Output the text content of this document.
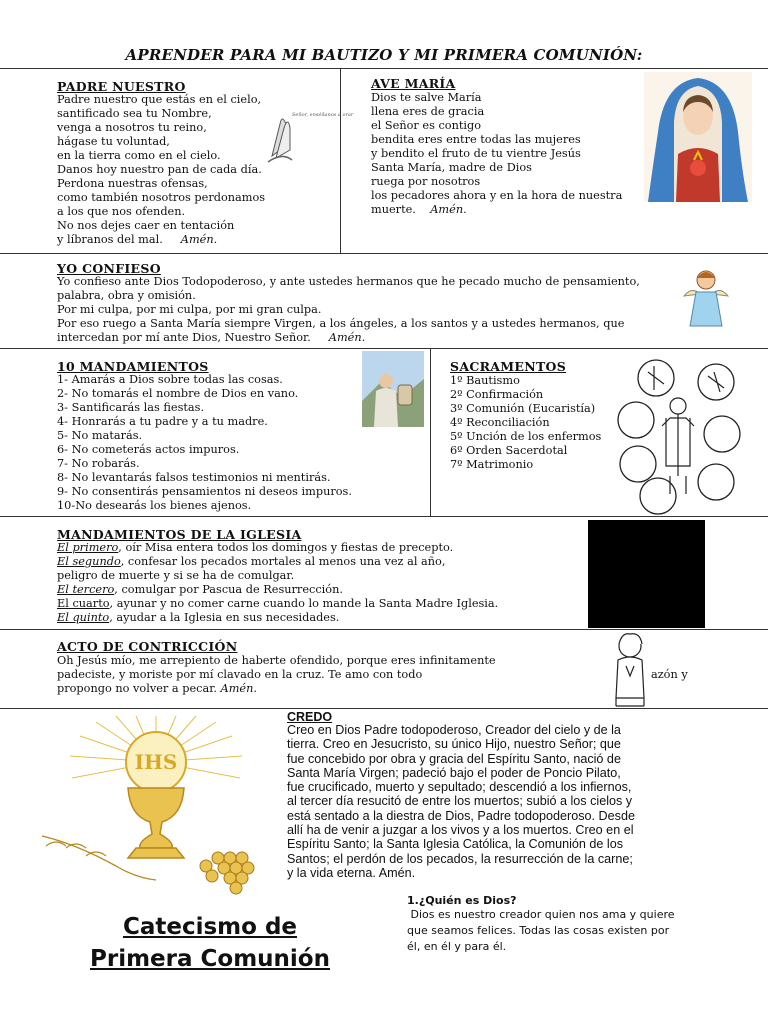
APRENDER PARA MI BAUTIZO Y MI PRIMERA COMUNIÓN:
PADRE NUESTRO
Padre nuestro que estás en el cielo,
santificado sea tu Nombre,
venga a nosotros tu reino,
hágase tu voluntad,
en la tierra como en el cielo.
Danos hoy nuestro pan de cada día.
Perdona nuestras ofensas,
como también nosotros perdonamos
a los que nos ofenden.
No nos dejes caer en tentación
y líbranos del mal. Amén.
Señor, enséñanos a orar
AVE MARÍA
Dios te salve María
llena eres de gracia
el Señor es contigo
bendita eres entre todas las mujeres
y bendito el fruto de tu vientre Jesús
Santa María, madre de Dios
ruega por nosotros
los pecadores ahora y en la hora de nuestra
muerte. Amén.
YO CONFIESO
Yo confieso ante Dios Todopoderoso, y ante ustedes hermanos que he pecado mucho de pensamiento,
palabra, obra y omisión.
Por mi culpa, por mi culpa, por mi gran culpa.
Por eso ruego a Santa María siempre Virgen, a los ángeles, a los santos y a ustedes hermanos, que
intercedan por mí ante Dios, Nuestro Señor. Amén.
10 MANDAMIENTOS
1- Amarás a Dios sobre todas las cosas.
2- No tomarás el nombre de Dios en vano.
3- Santificarás las fiestas.
4- Honrarás a tu padre y a tu madre.
5- No matarás.
6- No cometerás actos impuros.
7- No robarás.
8- No levantarás falsos testimonios ni mentirás.
9- No consentirás pensamientos ni deseos impuros.
10-No desearás los bienes ajenos.
SACRAMENTOS
1º Bautismo
2º Confirmación
3º Comunión (Eucaristía)
4º Reconciliación
5º Unción de los enfermos
6º Orden Sacerdotal
7º Matrimonio
MANDAMIENTOS DE LA IGLESIA
El primero, oír Misa entera todos los domingos y fiestas de precepto.
El segundo, confesar los pecados mortales al menos una vez al año,
peligro de muerte y si se ha de comulgar.
El tercero, comulgar por Pascua de Resurrección.
El cuarto, ayunar y no comer carne cuando lo mande la Santa Madre Iglesia.
El quinto, ayudar a la Iglesia en sus necesidades.
ACTO DE CONTRICCIÓN
Oh Jesús mío, me arrepiento de haberte ofendido, porque eres infinitamente
padeciste, y moriste por mí clavado en la cruz. Te amo con todo
propongo no volver a pecar. Amén.
azón y
IHS
CREDO
Creo en Dios Padre todopoderoso, Creador del cielo y de la
tierra. Creo en Jesucristo, su único Hijo, nuestro Señor; que
fue concebido por obra y gracia del Espíritu Santo, nació de
Santa María Virgen; padeció bajo el poder de Poncio Pilato,
fue crucificado, muerto y sepultado; descendió a los infiernos,
al tercer día resucitó de entre los muertos; subió a los cielos y
está sentado a la diestra de Dios, Padre todopoderoso. Desde
allí ha de venir a juzgar a los vivos y a los muertos. Creo en el
Espíritu Santo; la Santa Iglesia Católica, la Comunión de los
Santos; el perdón de los pecados, la resurrección de la carne;
y la vida eterna. Amén.
Catecismo de
Primera Comunión
1.¿Quién es Dios?
Dios es nuestro creador quien nos ama y quiere
que seamos felices. Todas las cosas existen por
él, en él y para él.
